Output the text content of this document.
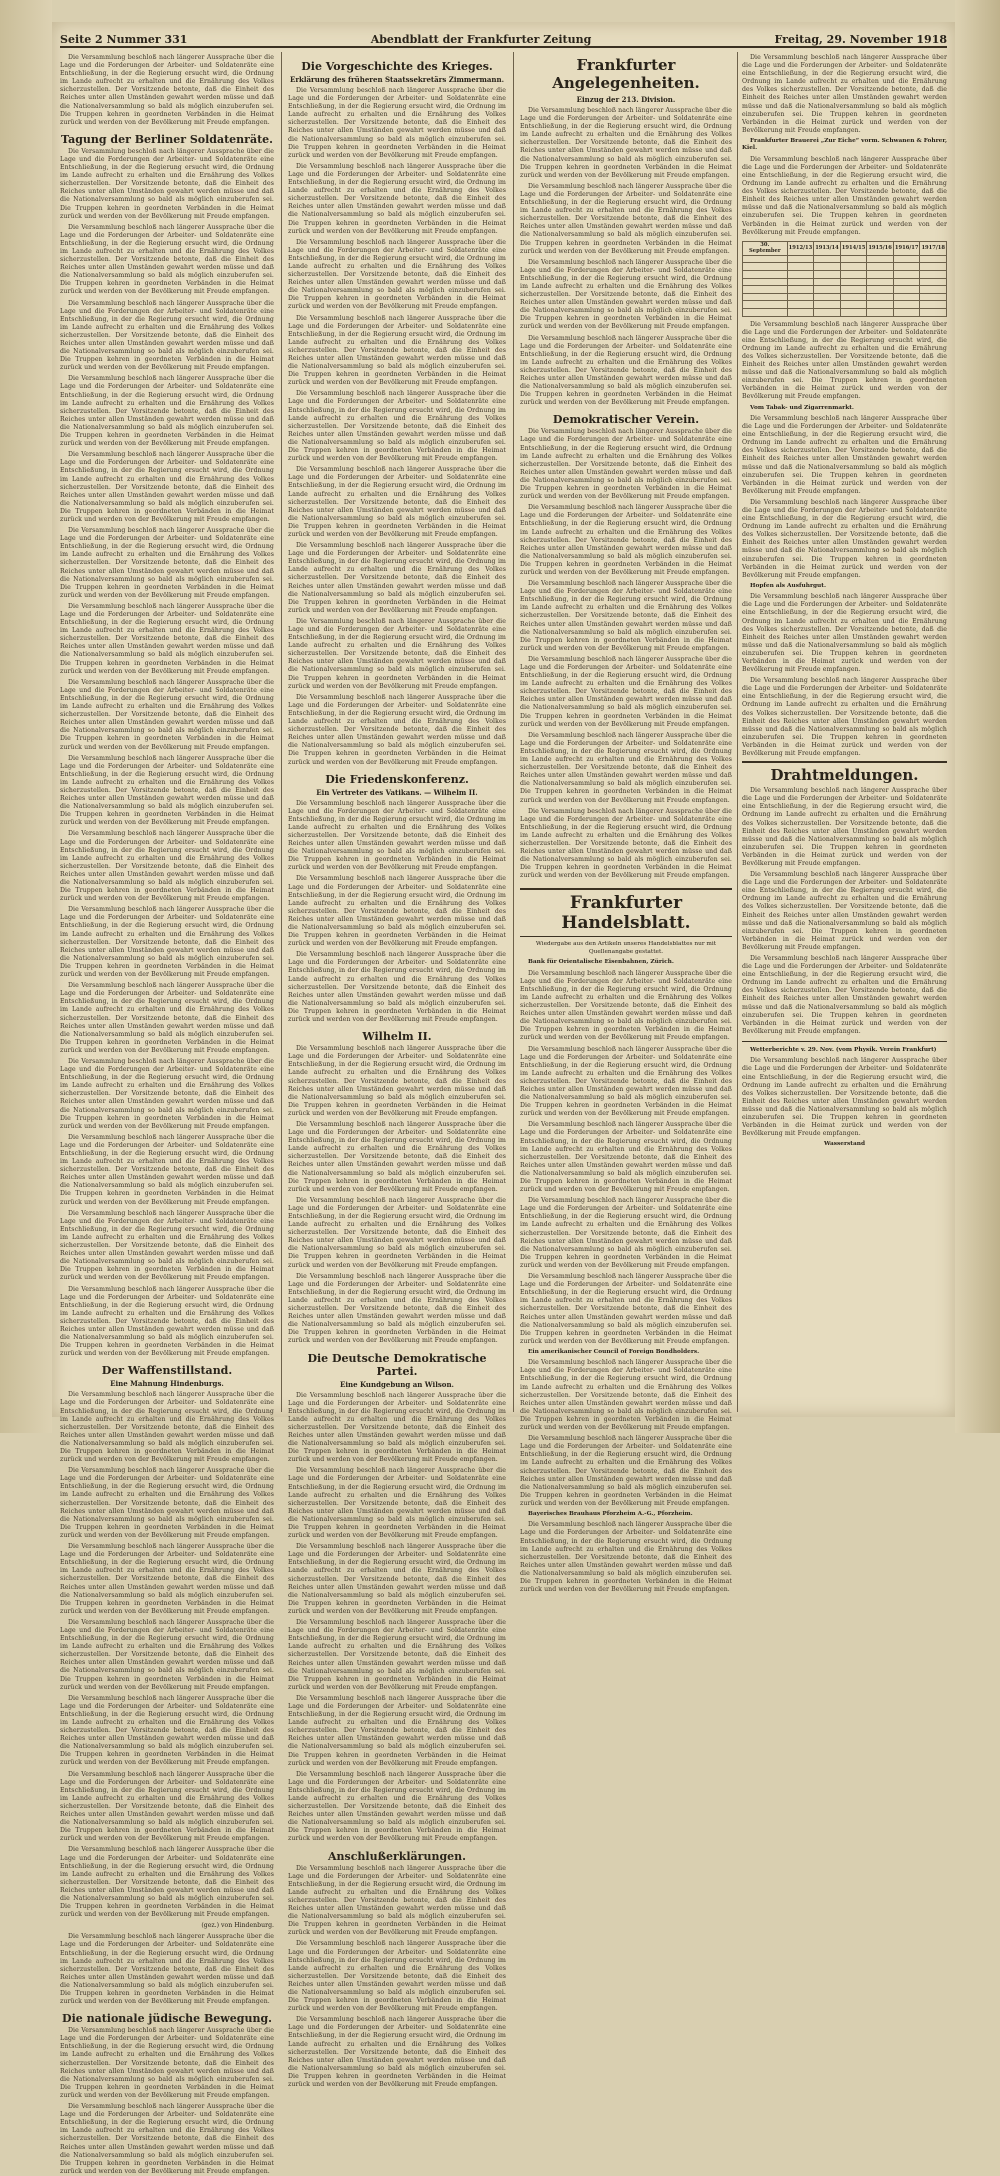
Seite 2 Nummer 331	Abendblatt der Frankfurter Zeitung	Freitag, 29. November 1918

Die Versammlung beschloß nach längerer Aussprache über die Lage und die Forderungen der Arbeiter- und Soldatenräte eine Entschließung, in der die Regierung ersucht wird, die Ordnung im Lande aufrecht zu erhalten und die Ernährung des Volkes sicherzustellen. Der Vorsitzende betonte, daß die Einheit des Reiches unter allen Umständen gewahrt werden müsse und daß die Nationalversammlung so bald als möglich einzuberufen sei. Die Truppen kehren in geordneten Verbänden in die Heimat zurück und werden von der Bevölkerung mit Freude empfangen.

Tagung der Berliner Soldatenräte.

Die Versammlung beschloß nach längerer Aussprache über die Lage und die Forderungen der Arbeiter- und Soldatenräte eine Entschließung, in der die Regierung ersucht wird, die Ordnung im Lande aufrecht zu erhalten und die Ernährung des Volkes sicherzustellen. Der Vorsitzende betonte, daß die Einheit des Reiches unter allen Umständen gewahrt werden müsse und daß die Nationalversammlung so bald als möglich einzuberufen sei. Die Truppen kehren in geordneten Verbänden in die Heimat zurück und werden von der Bevölkerung mit Freude empfangen.

Die Versammlung beschloß nach längerer Aussprache über die Lage und die Forderungen der Arbeiter- und Soldatenräte eine Entschließung, in der die Regierung ersucht wird, die Ordnung im Lande aufrecht zu erhalten und die Ernährung des Volkes sicherzustellen. Der Vorsitzende betonte, daß die Einheit des Reiches unter allen Umständen gewahrt werden müsse und daß die Nationalversammlung so bald als möglich einzuberufen sei. Die Truppen kehren in geordneten Verbänden in die Heimat zurück und werden von der Bevölkerung mit Freude empfangen.

Die Versammlung beschloß nach längerer Aussprache über die Lage und die Forderungen der Arbeiter- und Soldatenräte eine Entschließung, in der die Regierung ersucht wird, die Ordnung im Lande aufrecht zu erhalten und die Ernährung des Volkes sicherzustellen. Der Vorsitzende betonte, daß die Einheit des Reiches unter allen Umständen gewahrt werden müsse und daß die Nationalversammlung so bald als möglich einzuberufen sei. Die Truppen kehren in geordneten Verbänden in die Heimat zurück und werden von der Bevölkerung mit Freude empfangen.

Die Versammlung beschloß nach längerer Aussprache über die Lage und die Forderungen der Arbeiter- und Soldatenräte eine Entschließung, in der die Regierung ersucht wird, die Ordnung im Lande aufrecht zu erhalten und die Ernährung des Volkes sicherzustellen. Der Vorsitzende betonte, daß die Einheit des Reiches unter allen Umständen gewahrt werden müsse und daß die Nationalversammlung so bald als möglich einzuberufen sei. Die Truppen kehren in geordneten Verbänden in die Heimat zurück und werden von der Bevölkerung mit Freude empfangen.

Die Versammlung beschloß nach längerer Aussprache über die Lage und die Forderungen der Arbeiter- und Soldatenräte eine Entschließung, in der die Regierung ersucht wird, die Ordnung im Lande aufrecht zu erhalten und die Ernährung des Volkes sicherzustellen. Der Vorsitzende betonte, daß die Einheit des Reiches unter allen Umständen gewahrt werden müsse und daß die Nationalversammlung so bald als möglich einzuberufen sei. Die Truppen kehren in geordneten Verbänden in die Heimat zurück und werden von der Bevölkerung mit Freude empfangen.

Die Versammlung beschloß nach längerer Aussprache über die Lage und die Forderungen der Arbeiter- und Soldatenräte eine Entschließung, in der die Regierung ersucht wird, die Ordnung im Lande aufrecht zu erhalten und die Ernährung des Volkes sicherzustellen. Der Vorsitzende betonte, daß die Einheit des Reiches unter allen Umständen gewahrt werden müsse und daß die Nationalversammlung so bald als möglich einzuberufen sei. Die Truppen kehren in geordneten Verbänden in die Heimat zurück und werden von der Bevölkerung mit Freude empfangen.

Die Versammlung beschloß nach längerer Aussprache über die Lage und die Forderungen der Arbeiter- und Soldatenräte eine Entschließung, in der die Regierung ersucht wird, die Ordnung im Lande aufrecht zu erhalten und die Ernährung des Volkes sicherzustellen. Der Vorsitzende betonte, daß die Einheit des Reiches unter allen Umständen gewahrt werden müsse und daß die Nationalversammlung so bald als möglich einzuberufen sei. Die Truppen kehren in geordneten Verbänden in die Heimat zurück und werden von der Bevölkerung mit Freude empfangen.

Die Versammlung beschloß nach längerer Aussprache über die Lage und die Forderungen der Arbeiter- und Soldatenräte eine Entschließung, in der die Regierung ersucht wird, die Ordnung im Lande aufrecht zu erhalten und die Ernährung des Volkes sicherzustellen. Der Vorsitzende betonte, daß die Einheit des Reiches unter allen Umständen gewahrt werden müsse und daß die Nationalversammlung so bald als möglich einzuberufen sei. Die Truppen kehren in geordneten Verbänden in die Heimat zurück und werden von der Bevölkerung mit Freude empfangen.

Die Versammlung beschloß nach längerer Aussprache über die Lage und die Forderungen der Arbeiter- und Soldatenräte eine Entschließung, in der die Regierung ersucht wird, die Ordnung im Lande aufrecht zu erhalten und die Ernährung des Volkes sicherzustellen. Der Vorsitzende betonte, daß die Einheit des Reiches unter allen Umständen gewahrt werden müsse und daß die Nationalversammlung so bald als möglich einzuberufen sei. Die Truppen kehren in geordneten Verbänden in die Heimat zurück und werden von der Bevölkerung mit Freude empfangen.

Die Versammlung beschloß nach längerer Aussprache über die Lage und die Forderungen der Arbeiter- und Soldatenräte eine Entschließung, in der die Regierung ersucht wird, die Ordnung im Lande aufrecht zu erhalten und die Ernährung des Volkes sicherzustellen. Der Vorsitzende betonte, daß die Einheit des Reiches unter allen Umständen gewahrt werden müsse und daß die Nationalversammlung so bald als möglich einzuberufen sei. Die Truppen kehren in geordneten Verbänden in die Heimat zurück und werden von der Bevölkerung mit Freude empfangen.

Die Versammlung beschloß nach längerer Aussprache über die Lage und die Forderungen der Arbeiter- und Soldatenräte eine Entschließung, in der die Regierung ersucht wird, die Ordnung im Lande aufrecht zu erhalten und die Ernährung des Volkes sicherzustellen. Der Vorsitzende betonte, daß die Einheit des Reiches unter allen Umständen gewahrt werden müsse und daß die Nationalversammlung so bald als möglich einzuberufen sei. Die Truppen kehren in geordneten Verbänden in die Heimat zurück und werden von der Bevölkerung mit Freude empfangen.

Die Versammlung beschloß nach längerer Aussprache über die Lage und die Forderungen der Arbeiter- und Soldatenräte eine Entschließung, in der die Regierung ersucht wird, die Ordnung im Lande aufrecht zu erhalten und die Ernährung des Volkes sicherzustellen. Der Vorsitzende betonte, daß die Einheit des Reiches unter allen Umständen gewahrt werden müsse und daß die Nationalversammlung so bald als möglich einzuberufen sei. Die Truppen kehren in geordneten Verbänden in die Heimat zurück und werden von der Bevölkerung mit Freude empfangen.

Die Versammlung beschloß nach längerer Aussprache über die Lage und die Forderungen der Arbeiter- und Soldatenräte eine Entschließung, in der die Regierung ersucht wird, die Ordnung im Lande aufrecht zu erhalten und die Ernährung des Volkes sicherzustellen. Der Vorsitzende betonte, daß die Einheit des Reiches unter allen Umständen gewahrt werden müsse und daß die Nationalversammlung so bald als möglich einzuberufen sei. Die Truppen kehren in geordneten Verbänden in die Heimat zurück und werden von der Bevölkerung mit Freude empfangen.

Die Versammlung beschloß nach längerer Aussprache über die Lage und die Forderungen der Arbeiter- und Soldatenräte eine Entschließung, in der die Regierung ersucht wird, die Ordnung im Lande aufrecht zu erhalten und die Ernährung des Volkes sicherzustellen. Der Vorsitzende betonte, daß die Einheit des Reiches unter allen Umständen gewahrt werden müsse und daß die Nationalversammlung so bald als möglich einzuberufen sei. Die Truppen kehren in geordneten Verbänden in die Heimat zurück und werden von der Bevölkerung mit Freude empfangen.

Die Versammlung beschloß nach längerer Aussprache über die Lage und die Forderungen der Arbeiter- und Soldatenräte eine Entschließung, in der die Regierung ersucht wird, die Ordnung im Lande aufrecht zu erhalten und die Ernährung des Volkes sicherzustellen. Der Vorsitzende betonte, daß die Einheit des Reiches unter allen Umständen gewahrt werden müsse und daß die Nationalversammlung so bald als möglich einzuberufen sei. Die Truppen kehren in geordneten Verbänden in die Heimat zurück und werden von der Bevölkerung mit Freude empfangen.

Die Versammlung beschloß nach längerer Aussprache über die Lage und die Forderungen der Arbeiter- und Soldatenräte eine Entschließung, in der die Regierung ersucht wird, die Ordnung im Lande aufrecht zu erhalten und die Ernährung des Volkes sicherzustellen. Der Vorsitzende betonte, daß die Einheit des Reiches unter allen Umständen gewahrt werden müsse und daß die Nationalversammlung so bald als möglich einzuberufen sei. Die Truppen kehren in geordneten Verbänden in die Heimat zurück und werden von der Bevölkerung mit Freude empfangen.

Der Waffenstillstand.
Eine Mahnung Hindenburgs.

Die Versammlung beschloß nach längerer Aussprache über die Lage und die Forderungen der Arbeiter- und Soldatenräte eine Entschließung, in der die Regierung ersucht wird, die Ordnung im Lande aufrecht zu erhalten und die Ernährung des Volkes sicherzustellen. Der Vorsitzende betonte, daß die Einheit des Reiches unter allen Umständen gewahrt werden müsse und daß die Nationalversammlung so bald als möglich einzuberufen sei. Die Truppen kehren in geordneten Verbänden in die Heimat zurück und werden von der Bevölkerung mit Freude empfangen.

Die Versammlung beschloß nach längerer Aussprache über die Lage und die Forderungen der Arbeiter- und Soldatenräte eine Entschließung, in der die Regierung ersucht wird, die Ordnung im Lande aufrecht zu erhalten und die Ernährung des Volkes sicherzustellen. Der Vorsitzende betonte, daß die Einheit des Reiches unter allen Umständen gewahrt werden müsse und daß die Nationalversammlung so bald als möglich einzuberufen sei. Die Truppen kehren in geordneten Verbänden in die Heimat zurück und werden von der Bevölkerung mit Freude empfangen.

Die Versammlung beschloß nach längerer Aussprache über die Lage und die Forderungen der Arbeiter- und Soldatenräte eine Entschließung, in der die Regierung ersucht wird, die Ordnung im Lande aufrecht zu erhalten und die Ernährung des Volkes sicherzustellen. Der Vorsitzende betonte, daß die Einheit des Reiches unter allen Umständen gewahrt werden müsse und daß die Nationalversammlung so bald als möglich einzuberufen sei. Die Truppen kehren in geordneten Verbänden in die Heimat zurück und werden von der Bevölkerung mit Freude empfangen.

Die Versammlung beschloß nach längerer Aussprache über die Lage und die Forderungen der Arbeiter- und Soldatenräte eine Entschließung, in der die Regierung ersucht wird, die Ordnung im Lande aufrecht zu erhalten und die Ernährung des Volkes sicherzustellen. Der Vorsitzende betonte, daß die Einheit des Reiches unter allen Umständen gewahrt werden müsse und daß die Nationalversammlung so bald als möglich einzuberufen sei. Die Truppen kehren in geordneten Verbänden in die Heimat zurück und werden von der Bevölkerung mit Freude empfangen.

Die Versammlung beschloß nach längerer Aussprache über die Lage und die Forderungen der Arbeiter- und Soldatenräte eine Entschließung, in der die Regierung ersucht wird, die Ordnung im Lande aufrecht zu erhalten und die Ernährung des Volkes sicherzustellen. Der Vorsitzende betonte, daß die Einheit des Reiches unter allen Umständen gewahrt werden müsse und daß die Nationalversammlung so bald als möglich einzuberufen sei. Die Truppen kehren in geordneten Verbänden in die Heimat zurück und werden von der Bevölkerung mit Freude empfangen.

Die Versammlung beschloß nach längerer Aussprache über die Lage und die Forderungen der Arbeiter- und Soldatenräte eine Entschließung, in der die Regierung ersucht wird, die Ordnung im Lande aufrecht zu erhalten und die Ernährung des Volkes sicherzustellen. Der Vorsitzende betonte, daß die Einheit des Reiches unter allen Umständen gewahrt werden müsse und daß die Nationalversammlung so bald als möglich einzuberufen sei. Die Truppen kehren in geordneten Verbänden in die Heimat zurück und werden von der Bevölkerung mit Freude empfangen.

Die Versammlung beschloß nach längerer Aussprache über die Lage und die Forderungen der Arbeiter- und Soldatenräte eine Entschließung, in der die Regierung ersucht wird, die Ordnung im Lande aufrecht zu erhalten und die Ernährung des Volkes sicherzustellen. Der Vorsitzende betonte, daß die Einheit des Reiches unter allen Umständen gewahrt werden müsse und daß die Nationalversammlung so bald als möglich einzuberufen sei. Die Truppen kehren in geordneten Verbänden in die Heimat zurück und werden von der Bevölkerung mit Freude empfangen.

(gez.) von Hindenburg.

Die Versammlung beschloß nach längerer Aussprache über die Lage und die Forderungen der Arbeiter- und Soldatenräte eine Entschließung, in der die Regierung ersucht wird, die Ordnung im Lande aufrecht zu erhalten und die Ernährung des Volkes sicherzustellen. Der Vorsitzende betonte, daß die Einheit des Reiches unter allen Umständen gewahrt werden müsse und daß die Nationalversammlung so bald als möglich einzuberufen sei. Die Truppen kehren in geordneten Verbänden in die Heimat zurück und werden von der Bevölkerung mit Freude empfangen.

Die nationale jüdische Bewegung.

Die Versammlung beschloß nach längerer Aussprache über die Lage und die Forderungen der Arbeiter- und Soldatenräte eine Entschließung, in der die Regierung ersucht wird, die Ordnung im Lande aufrecht zu erhalten und die Ernährung des Volkes sicherzustellen. Der Vorsitzende betonte, daß die Einheit des Reiches unter allen Umständen gewahrt werden müsse und daß die Nationalversammlung so bald als möglich einzuberufen sei. Die Truppen kehren in geordneten Verbänden in die Heimat zurück und werden von der Bevölkerung mit Freude empfangen.

Die Versammlung beschloß nach längerer Aussprache über die Lage und die Forderungen der Arbeiter- und Soldatenräte eine Entschließung, in der die Regierung ersucht wird, die Ordnung im Lande aufrecht zu erhalten und die Ernährung des Volkes sicherzustellen. Der Vorsitzende betonte, daß die Einheit des Reiches unter allen Umständen gewahrt werden müsse und daß die Nationalversammlung so bald als möglich einzuberufen sei. Die Truppen kehren in geordneten Verbänden in die Heimat zurück und werden von der Bevölkerung mit Freude empfangen.

Die Vorgeschichte des Krieges.
Erklärung des früheren Staatssekretärs Zimmermann.

Die Versammlung beschloß nach längerer Aussprache über die Lage und die Forderungen der Arbeiter- und Soldatenräte eine Entschließung, in der die Regierung ersucht wird, die Ordnung im Lande aufrecht zu erhalten und die Ernährung des Volkes sicherzustellen. Der Vorsitzende betonte, daß die Einheit des Reiches unter allen Umständen gewahrt werden müsse und daß die Nationalversammlung so bald als möglich einzuberufen sei. Die Truppen kehren in geordneten Verbänden in die Heimat zurück und werden von der Bevölkerung mit Freude empfangen.

Die Versammlung beschloß nach längerer Aussprache über die Lage und die Forderungen der Arbeiter- und Soldatenräte eine Entschließung, in der die Regierung ersucht wird, die Ordnung im Lande aufrecht zu erhalten und die Ernährung des Volkes sicherzustellen. Der Vorsitzende betonte, daß die Einheit des Reiches unter allen Umständen gewahrt werden müsse und daß die Nationalversammlung so bald als möglich einzuberufen sei. Die Truppen kehren in geordneten Verbänden in die Heimat zurück und werden von der Bevölkerung mit Freude empfangen.

Die Versammlung beschloß nach längerer Aussprache über die Lage und die Forderungen der Arbeiter- und Soldatenräte eine Entschließung, in der die Regierung ersucht wird, die Ordnung im Lande aufrecht zu erhalten und die Ernährung des Volkes sicherzustellen. Der Vorsitzende betonte, daß die Einheit des Reiches unter allen Umständen gewahrt werden müsse und daß die Nationalversammlung so bald als möglich einzuberufen sei. Die Truppen kehren in geordneten Verbänden in die Heimat zurück und werden von der Bevölkerung mit Freude empfangen.

Die Versammlung beschloß nach längerer Aussprache über die Lage und die Forderungen der Arbeiter- und Soldatenräte eine Entschließung, in der die Regierung ersucht wird, die Ordnung im Lande aufrecht zu erhalten und die Ernährung des Volkes sicherzustellen. Der Vorsitzende betonte, daß die Einheit des Reiches unter allen Umständen gewahrt werden müsse und daß die Nationalversammlung so bald als möglich einzuberufen sei. Die Truppen kehren in geordneten Verbänden in die Heimat zurück und werden von der Bevölkerung mit Freude empfangen.

Die Versammlung beschloß nach längerer Aussprache über die Lage und die Forderungen der Arbeiter- und Soldatenräte eine Entschließung, in der die Regierung ersucht wird, die Ordnung im Lande aufrecht zu erhalten und die Ernährung des Volkes sicherzustellen. Der Vorsitzende betonte, daß die Einheit des Reiches unter allen Umständen gewahrt werden müsse und daß die Nationalversammlung so bald als möglich einzuberufen sei. Die Truppen kehren in geordneten Verbänden in die Heimat zurück und werden von der Bevölkerung mit Freude empfangen.

Die Versammlung beschloß nach längerer Aussprache über die Lage und die Forderungen der Arbeiter- und Soldatenräte eine Entschließung, in der die Regierung ersucht wird, die Ordnung im Lande aufrecht zu erhalten und die Ernährung des Volkes sicherzustellen. Der Vorsitzende betonte, daß die Einheit des Reiches unter allen Umständen gewahrt werden müsse und daß die Nationalversammlung so bald als möglich einzuberufen sei. Die Truppen kehren in geordneten Verbänden in die Heimat zurück und werden von der Bevölkerung mit Freude empfangen.

Die Versammlung beschloß nach längerer Aussprache über die Lage und die Forderungen der Arbeiter- und Soldatenräte eine Entschließung, in der die Regierung ersucht wird, die Ordnung im Lande aufrecht zu erhalten und die Ernährung des Volkes sicherzustellen. Der Vorsitzende betonte, daß die Einheit des Reiches unter allen Umständen gewahrt werden müsse und daß die Nationalversammlung so bald als möglich einzuberufen sei. Die Truppen kehren in geordneten Verbänden in die Heimat zurück und werden von der Bevölkerung mit Freude empfangen.

Die Versammlung beschloß nach längerer Aussprache über die Lage und die Forderungen der Arbeiter- und Soldatenräte eine Entschließung, in der die Regierung ersucht wird, die Ordnung im Lande aufrecht zu erhalten und die Ernährung des Volkes sicherzustellen. Der Vorsitzende betonte, daß die Einheit des Reiches unter allen Umständen gewahrt werden müsse und daß die Nationalversammlung so bald als möglich einzuberufen sei. Die Truppen kehren in geordneten Verbänden in die Heimat zurück und werden von der Bevölkerung mit Freude empfangen.

Die Versammlung beschloß nach längerer Aussprache über die Lage und die Forderungen der Arbeiter- und Soldatenräte eine Entschließung, in der die Regierung ersucht wird, die Ordnung im Lande aufrecht zu erhalten und die Ernährung des Volkes sicherzustellen. Der Vorsitzende betonte, daß die Einheit des Reiches unter allen Umständen gewahrt werden müsse und daß die Nationalversammlung so bald als möglich einzuberufen sei. Die Truppen kehren in geordneten Verbänden in die Heimat zurück und werden von der Bevölkerung mit Freude empfangen.

Die Friedenskonferenz.
Ein Vertreter des Vatikans. — Wilhelm II.

Die Versammlung beschloß nach längerer Aussprache über die Lage und die Forderungen der Arbeiter- und Soldatenräte eine Entschließung, in der die Regierung ersucht wird, die Ordnung im Lande aufrecht zu erhalten und die Ernährung des Volkes sicherzustellen. Der Vorsitzende betonte, daß die Einheit des Reiches unter allen Umständen gewahrt werden müsse und daß die Nationalversammlung so bald als möglich einzuberufen sei. Die Truppen kehren in geordneten Verbänden in die Heimat zurück und werden von der Bevölkerung mit Freude empfangen.

Die Versammlung beschloß nach längerer Aussprache über die Lage und die Forderungen der Arbeiter- und Soldatenräte eine Entschließung, in der die Regierung ersucht wird, die Ordnung im Lande aufrecht zu erhalten und die Ernährung des Volkes sicherzustellen. Der Vorsitzende betonte, daß die Einheit des Reiches unter allen Umständen gewahrt werden müsse und daß die Nationalversammlung so bald als möglich einzuberufen sei. Die Truppen kehren in geordneten Verbänden in die Heimat zurück und werden von der Bevölkerung mit Freude empfangen.

Die Versammlung beschloß nach längerer Aussprache über die Lage und die Forderungen der Arbeiter- und Soldatenräte eine Entschließung, in der die Regierung ersucht wird, die Ordnung im Lande aufrecht zu erhalten und die Ernährung des Volkes sicherzustellen. Der Vorsitzende betonte, daß die Einheit des Reiches unter allen Umständen gewahrt werden müsse und daß die Nationalversammlung so bald als möglich einzuberufen sei. Die Truppen kehren in geordneten Verbänden in die Heimat zurück und werden von der Bevölkerung mit Freude empfangen.

Wilhelm II.

Die Versammlung beschloß nach längerer Aussprache über die Lage und die Forderungen der Arbeiter- und Soldatenräte eine Entschließung, in der die Regierung ersucht wird, die Ordnung im Lande aufrecht zu erhalten und die Ernährung des Volkes sicherzustellen. Der Vorsitzende betonte, daß die Einheit des Reiches unter allen Umständen gewahrt werden müsse und daß die Nationalversammlung so bald als möglich einzuberufen sei. Die Truppen kehren in geordneten Verbänden in die Heimat zurück und werden von der Bevölkerung mit Freude empfangen.

Die Versammlung beschloß nach längerer Aussprache über die Lage und die Forderungen der Arbeiter- und Soldatenräte eine Entschließung, in der die Regierung ersucht wird, die Ordnung im Lande aufrecht zu erhalten und die Ernährung des Volkes sicherzustellen. Der Vorsitzende betonte, daß die Einheit des Reiches unter allen Umständen gewahrt werden müsse und daß die Nationalversammlung so bald als möglich einzuberufen sei. Die Truppen kehren in geordneten Verbänden in die Heimat zurück und werden von der Bevölkerung mit Freude empfangen.

Die Versammlung beschloß nach längerer Aussprache über die Lage und die Forderungen der Arbeiter- und Soldatenräte eine Entschließung, in der die Regierung ersucht wird, die Ordnung im Lande aufrecht zu erhalten und die Ernährung des Volkes sicherzustellen. Der Vorsitzende betonte, daß die Einheit des Reiches unter allen Umständen gewahrt werden müsse und daß die Nationalversammlung so bald als möglich einzuberufen sei. Die Truppen kehren in geordneten Verbänden in die Heimat zurück und werden von der Bevölkerung mit Freude empfangen.

Die Versammlung beschloß nach längerer Aussprache über die Lage und die Forderungen der Arbeiter- und Soldatenräte eine Entschließung, in der die Regierung ersucht wird, die Ordnung im Lande aufrecht zu erhalten und die Ernährung des Volkes sicherzustellen. Der Vorsitzende betonte, daß die Einheit des Reiches unter allen Umständen gewahrt werden müsse und daß die Nationalversammlung so bald als möglich einzuberufen sei. Die Truppen kehren in geordneten Verbänden in die Heimat zurück und werden von der Bevölkerung mit Freude empfangen.

Die Deutsche Demokratische Partei.
Eine Kundgebung an Wilson.

Die Versammlung beschloß nach längerer Aussprache über die Lage und die Forderungen der Arbeiter- und Soldatenräte eine Entschließung, in der die Regierung ersucht wird, die Ordnung im Lande aufrecht zu erhalten und die Ernährung des Volkes sicherzustellen. Der Vorsitzende betonte, daß die Einheit des Reiches unter allen Umständen gewahrt werden müsse und daß die Nationalversammlung so bald als möglich einzuberufen sei. Die Truppen kehren in geordneten Verbänden in die Heimat zurück und werden von der Bevölkerung mit Freude empfangen.

Die Versammlung beschloß nach längerer Aussprache über die Lage und die Forderungen der Arbeiter- und Soldatenräte eine Entschließung, in der die Regierung ersucht wird, die Ordnung im Lande aufrecht zu erhalten und die Ernährung des Volkes sicherzustellen. Der Vorsitzende betonte, daß die Einheit des Reiches unter allen Umständen gewahrt werden müsse und daß die Nationalversammlung so bald als möglich einzuberufen sei. Die Truppen kehren in geordneten Verbänden in die Heimat zurück und werden von der Bevölkerung mit Freude empfangen.

Die Versammlung beschloß nach längerer Aussprache über die Lage und die Forderungen der Arbeiter- und Soldatenräte eine Entschließung, in der die Regierung ersucht wird, die Ordnung im Lande aufrecht zu erhalten und die Ernährung des Volkes sicherzustellen. Der Vorsitzende betonte, daß die Einheit des Reiches unter allen Umständen gewahrt werden müsse und daß die Nationalversammlung so bald als möglich einzuberufen sei. Die Truppen kehren in geordneten Verbänden in die Heimat zurück und werden von der Bevölkerung mit Freude empfangen.

Die Versammlung beschloß nach längerer Aussprache über die Lage und die Forderungen der Arbeiter- und Soldatenräte eine Entschließung, in der die Regierung ersucht wird, die Ordnung im Lande aufrecht zu erhalten und die Ernährung des Volkes sicherzustellen. Der Vorsitzende betonte, daß die Einheit des Reiches unter allen Umständen gewahrt werden müsse und daß die Nationalversammlung so bald als möglich einzuberufen sei. Die Truppen kehren in geordneten Verbänden in die Heimat zurück und werden von der Bevölkerung mit Freude empfangen.

Die Versammlung beschloß nach längerer Aussprache über die Lage und die Forderungen der Arbeiter- und Soldatenräte eine Entschließung, in der die Regierung ersucht wird, die Ordnung im Lande aufrecht zu erhalten und die Ernährung des Volkes sicherzustellen. Der Vorsitzende betonte, daß die Einheit des Reiches unter allen Umständen gewahrt werden müsse und daß die Nationalversammlung so bald als möglich einzuberufen sei. Die Truppen kehren in geordneten Verbänden in die Heimat zurück und werden von der Bevölkerung mit Freude empfangen.

Die Versammlung beschloß nach längerer Aussprache über die Lage und die Forderungen der Arbeiter- und Soldatenräte eine Entschließung, in der die Regierung ersucht wird, die Ordnung im Lande aufrecht zu erhalten und die Ernährung des Volkes sicherzustellen. Der Vorsitzende betonte, daß die Einheit des Reiches unter allen Umständen gewahrt werden müsse und daß die Nationalversammlung so bald als möglich einzuberufen sei. Die Truppen kehren in geordneten Verbänden in die Heimat zurück und werden von der Bevölkerung mit Freude empfangen.

Anschlußerklärungen.

Die Versammlung beschloß nach längerer Aussprache über die Lage und die Forderungen der Arbeiter- und Soldatenräte eine Entschließung, in der die Regierung ersucht wird, die Ordnung im Lande aufrecht zu erhalten und die Ernährung des Volkes sicherzustellen. Der Vorsitzende betonte, daß die Einheit des Reiches unter allen Umständen gewahrt werden müsse und daß die Nationalversammlung so bald als möglich einzuberufen sei. Die Truppen kehren in geordneten Verbänden in die Heimat zurück und werden von der Bevölkerung mit Freude empfangen.

Die Versammlung beschloß nach längerer Aussprache über die Lage und die Forderungen der Arbeiter- und Soldatenräte eine Entschließung, in der die Regierung ersucht wird, die Ordnung im Lande aufrecht zu erhalten und die Ernährung des Volkes sicherzustellen. Der Vorsitzende betonte, daß die Einheit des Reiches unter allen Umständen gewahrt werden müsse und daß die Nationalversammlung so bald als möglich einzuberufen sei. Die Truppen kehren in geordneten Verbänden in die Heimat zurück und werden von der Bevölkerung mit Freude empfangen.

Die Versammlung beschloß nach längerer Aussprache über die Lage und die Forderungen der Arbeiter- und Soldatenräte eine Entschließung, in der die Regierung ersucht wird, die Ordnung im Lande aufrecht zu erhalten und die Ernährung des Volkes sicherzustellen. Der Vorsitzende betonte, daß die Einheit des Reiches unter allen Umständen gewahrt werden müsse und daß die Nationalversammlung so bald als möglich einzuberufen sei. Die Truppen kehren in geordneten Verbänden in die Heimat zurück und werden von der Bevölkerung mit Freude empfangen.

Frankfurter Angelegenheiten.
Einzug der 213. Division.

Die Versammlung beschloß nach längerer Aussprache über die Lage und die Forderungen der Arbeiter- und Soldatenräte eine Entschließung, in der die Regierung ersucht wird, die Ordnung im Lande aufrecht zu erhalten und die Ernährung des Volkes sicherzustellen. Der Vorsitzende betonte, daß die Einheit des Reiches unter allen Umständen gewahrt werden müsse und daß die Nationalversammlung so bald als möglich einzuberufen sei. Die Truppen kehren in geordneten Verbänden in die Heimat zurück und werden von der Bevölkerung mit Freude empfangen.

Die Versammlung beschloß nach längerer Aussprache über die Lage und die Forderungen der Arbeiter- und Soldatenräte eine Entschließung, in der die Regierung ersucht wird, die Ordnung im Lande aufrecht zu erhalten und die Ernährung des Volkes sicherzustellen. Der Vorsitzende betonte, daß die Einheit des Reiches unter allen Umständen gewahrt werden müsse und daß die Nationalversammlung so bald als möglich einzuberufen sei. Die Truppen kehren in geordneten Verbänden in die Heimat zurück und werden von der Bevölkerung mit Freude empfangen.

Die Versammlung beschloß nach längerer Aussprache über die Lage und die Forderungen der Arbeiter- und Soldatenräte eine Entschließung, in der die Regierung ersucht wird, die Ordnung im Lande aufrecht zu erhalten und die Ernährung des Volkes sicherzustellen. Der Vorsitzende betonte, daß die Einheit des Reiches unter allen Umständen gewahrt werden müsse und daß die Nationalversammlung so bald als möglich einzuberufen sei. Die Truppen kehren in geordneten Verbänden in die Heimat zurück und werden von der Bevölkerung mit Freude empfangen.

Die Versammlung beschloß nach längerer Aussprache über die Lage und die Forderungen der Arbeiter- und Soldatenräte eine Entschließung, in der die Regierung ersucht wird, die Ordnung im Lande aufrecht zu erhalten und die Ernährung des Volkes sicherzustellen. Der Vorsitzende betonte, daß die Einheit des Reiches unter allen Umständen gewahrt werden müsse und daß die Nationalversammlung so bald als möglich einzuberufen sei. Die Truppen kehren in geordneten Verbänden in die Heimat zurück und werden von der Bevölkerung mit Freude empfangen.

Demokratischer Verein.

Die Versammlung beschloß nach längerer Aussprache über die Lage und die Forderungen der Arbeiter- und Soldatenräte eine Entschließung, in der die Regierung ersucht wird, die Ordnung im Lande aufrecht zu erhalten und die Ernährung des Volkes sicherzustellen. Der Vorsitzende betonte, daß die Einheit des Reiches unter allen Umständen gewahrt werden müsse und daß die Nationalversammlung so bald als möglich einzuberufen sei. Die Truppen kehren in geordneten Verbänden in die Heimat zurück und werden von der Bevölkerung mit Freude empfangen.

Die Versammlung beschloß nach längerer Aussprache über die Lage und die Forderungen der Arbeiter- und Soldatenräte eine Entschließung, in der die Regierung ersucht wird, die Ordnung im Lande aufrecht zu erhalten und die Ernährung des Volkes sicherzustellen. Der Vorsitzende betonte, daß die Einheit des Reiches unter allen Umständen gewahrt werden müsse und daß die Nationalversammlung so bald als möglich einzuberufen sei. Die Truppen kehren in geordneten Verbänden in die Heimat zurück und werden von der Bevölkerung mit Freude empfangen.

Die Versammlung beschloß nach längerer Aussprache über die Lage und die Forderungen der Arbeiter- und Soldatenräte eine Entschließung, in der die Regierung ersucht wird, die Ordnung im Lande aufrecht zu erhalten und die Ernährung des Volkes sicherzustellen. Der Vorsitzende betonte, daß die Einheit des Reiches unter allen Umständen gewahrt werden müsse und daß die Nationalversammlung so bald als möglich einzuberufen sei. Die Truppen kehren in geordneten Verbänden in die Heimat zurück und werden von der Bevölkerung mit Freude empfangen.

Die Versammlung beschloß nach längerer Aussprache über die Lage und die Forderungen der Arbeiter- und Soldatenräte eine Entschließung, in der die Regierung ersucht wird, die Ordnung im Lande aufrecht zu erhalten und die Ernährung des Volkes sicherzustellen. Der Vorsitzende betonte, daß die Einheit des Reiches unter allen Umständen gewahrt werden müsse und daß die Nationalversammlung so bald als möglich einzuberufen sei. Die Truppen kehren in geordneten Verbänden in die Heimat zurück und werden von der Bevölkerung mit Freude empfangen.

Die Versammlung beschloß nach längerer Aussprache über die Lage und die Forderungen der Arbeiter- und Soldatenräte eine Entschließung, in der die Regierung ersucht wird, die Ordnung im Lande aufrecht zu erhalten und die Ernährung des Volkes sicherzustellen. Der Vorsitzende betonte, daß die Einheit des Reiches unter allen Umständen gewahrt werden müsse und daß die Nationalversammlung so bald als möglich einzuberufen sei. Die Truppen kehren in geordneten Verbänden in die Heimat zurück und werden von der Bevölkerung mit Freude empfangen.

Die Versammlung beschloß nach längerer Aussprache über die Lage und die Forderungen der Arbeiter- und Soldatenräte eine Entschließung, in der die Regierung ersucht wird, die Ordnung im Lande aufrecht zu erhalten und die Ernährung des Volkes sicherzustellen. Der Vorsitzende betonte, daß die Einheit des Reiches unter allen Umständen gewahrt werden müsse und daß die Nationalversammlung so bald als möglich einzuberufen sei. Die Truppen kehren in geordneten Verbänden in die Heimat zurück und werden von der Bevölkerung mit Freude empfangen.

Frankfurter Handelsblatt.

Wiedergabe aus den Artikeln unseres Handelsblattes nur mit Quellenangabe gestattet.

Bank für Orientalische Eisenbahnen, Zürich.

Die Versammlung beschloß nach längerer Aussprache über die Lage und die Forderungen der Arbeiter- und Soldatenräte eine Entschließung, in der die Regierung ersucht wird, die Ordnung im Lande aufrecht zu erhalten und die Ernährung des Volkes sicherzustellen. Der Vorsitzende betonte, daß die Einheit des Reiches unter allen Umständen gewahrt werden müsse und daß die Nationalversammlung so bald als möglich einzuberufen sei. Die Truppen kehren in geordneten Verbänden in die Heimat zurück und werden von der Bevölkerung mit Freude empfangen.

Die Versammlung beschloß nach längerer Aussprache über die Lage und die Forderungen der Arbeiter- und Soldatenräte eine Entschließung, in der die Regierung ersucht wird, die Ordnung im Lande aufrecht zu erhalten und die Ernährung des Volkes sicherzustellen. Der Vorsitzende betonte, daß die Einheit des Reiches unter allen Umständen gewahrt werden müsse und daß die Nationalversammlung so bald als möglich einzuberufen sei. Die Truppen kehren in geordneten Verbänden in die Heimat zurück und werden von der Bevölkerung mit Freude empfangen.

Die Versammlung beschloß nach längerer Aussprache über die Lage und die Forderungen der Arbeiter- und Soldatenräte eine Entschließung, in der die Regierung ersucht wird, die Ordnung im Lande aufrecht zu erhalten und die Ernährung des Volkes sicherzustellen. Der Vorsitzende betonte, daß die Einheit des Reiches unter allen Umständen gewahrt werden müsse und daß die Nationalversammlung so bald als möglich einzuberufen sei. Die Truppen kehren in geordneten Verbänden in die Heimat zurück und werden von der Bevölkerung mit Freude empfangen.

Die Versammlung beschloß nach längerer Aussprache über die Lage und die Forderungen der Arbeiter- und Soldatenräte eine Entschließung, in der die Regierung ersucht wird, die Ordnung im Lande aufrecht zu erhalten und die Ernährung des Volkes sicherzustellen. Der Vorsitzende betonte, daß die Einheit des Reiches unter allen Umständen gewahrt werden müsse und daß die Nationalversammlung so bald als möglich einzuberufen sei. Die Truppen kehren in geordneten Verbänden in die Heimat zurück und werden von der Bevölkerung mit Freude empfangen.

Die Versammlung beschloß nach längerer Aussprache über die Lage und die Forderungen der Arbeiter- und Soldatenräte eine Entschließung, in der die Regierung ersucht wird, die Ordnung im Lande aufrecht zu erhalten und die Ernährung des Volkes sicherzustellen. Der Vorsitzende betonte, daß die Einheit des Reiches unter allen Umständen gewahrt werden müsse und daß die Nationalversammlung so bald als möglich einzuberufen sei. Die Truppen kehren in geordneten Verbänden in die Heimat zurück und werden von der Bevölkerung mit Freude empfangen.

Ein amerikanischer Council of Foreign Bondholders.

Die Versammlung beschloß nach längerer Aussprache über die Lage und die Forderungen der Arbeiter- und Soldatenräte eine Entschließung, in der die Regierung ersucht wird, die Ordnung im Lande aufrecht zu erhalten und die Ernährung des Volkes sicherzustellen. Der Vorsitzende betonte, daß die Einheit des Reiches unter allen Umständen gewahrt werden müsse und daß die Nationalversammlung so bald als möglich einzuberufen sei. Die Truppen kehren in geordneten Verbänden in die Heimat zurück und werden von der Bevölkerung mit Freude empfangen.

Die Versammlung beschloß nach längerer Aussprache über die Lage und die Forderungen der Arbeiter- und Soldatenräte eine Entschließung, in der die Regierung ersucht wird, die Ordnung im Lande aufrecht zu erhalten und die Ernährung des Volkes sicherzustellen. Der Vorsitzende betonte, daß die Einheit des Reiches unter allen Umständen gewahrt werden müsse und daß die Nationalversammlung so bald als möglich einzuberufen sei. Die Truppen kehren in geordneten Verbänden in die Heimat zurück und werden von der Bevölkerung mit Freude empfangen.

Bayerisches Brauhaus Pforzheim A.-G., Pforzheim.

Die Versammlung beschloß nach längerer Aussprache über die Lage und die Forderungen der Arbeiter- und Soldatenräte eine Entschließung, in der die Regierung ersucht wird, die Ordnung im Lande aufrecht zu erhalten und die Ernährung des Volkes sicherzustellen. Der Vorsitzende betonte, daß die Einheit des Reiches unter allen Umständen gewahrt werden müsse und daß die Nationalversammlung so bald als möglich einzuberufen sei. Die Truppen kehren in geordneten Verbänden in die Heimat zurück und werden von der Bevölkerung mit Freude empfangen.

Die Versammlung beschloß nach längerer Aussprache über die Lage und die Forderungen der Arbeiter- und Soldatenräte eine Entschließung, in der die Regierung ersucht wird, die Ordnung im Lande aufrecht zu erhalten und die Ernährung des Volkes sicherzustellen. Der Vorsitzende betonte, daß die Einheit des Reiches unter allen Umständen gewahrt werden müsse und daß die Nationalversammlung so bald als möglich einzuberufen sei. Die Truppen kehren in geordneten Verbänden in die Heimat zurück und werden von der Bevölkerung mit Freude empfangen.

Frankfurter Brauerei „Zur Eiche“ vorm. Schwanen & Fohrer, Kiel.

Die Versammlung beschloß nach längerer Aussprache über die Lage und die Forderungen der Arbeiter- und Soldatenräte eine Entschließung, in der die Regierung ersucht wird, die Ordnung im Lande aufrecht zu erhalten und die Ernährung des Volkes sicherzustellen. Der Vorsitzende betonte, daß die Einheit des Reiches unter allen Umständen gewahrt werden müsse und daß die Nationalversammlung so bald als möglich einzuberufen sei. Die Truppen kehren in geordneten Verbänden in die Heimat zurück und werden von der Bevölkerung mit Freude empfangen.

30. September	1912/13	1913/14	1914/15	1915/16	1916/17	1917/18

Die Versammlung beschloß nach längerer Aussprache über die Lage und die Forderungen der Arbeiter- und Soldatenräte eine Entschließung, in der die Regierung ersucht wird, die Ordnung im Lande aufrecht zu erhalten und die Ernährung des Volkes sicherzustellen. Der Vorsitzende betonte, daß die Einheit des Reiches unter allen Umständen gewahrt werden müsse und daß die Nationalversammlung so bald als möglich einzuberufen sei. Die Truppen kehren in geordneten Verbänden in die Heimat zurück und werden von der Bevölkerung mit Freude empfangen.

Vom Tabak- und Zigarrenmarkt.

Die Versammlung beschloß nach längerer Aussprache über die Lage und die Forderungen der Arbeiter- und Soldatenräte eine Entschließung, in der die Regierung ersucht wird, die Ordnung im Lande aufrecht zu erhalten und die Ernährung des Volkes sicherzustellen. Der Vorsitzende betonte, daß die Einheit des Reiches unter allen Umständen gewahrt werden müsse und daß die Nationalversammlung so bald als möglich einzuberufen sei. Die Truppen kehren in geordneten Verbänden in die Heimat zurück und werden von der Bevölkerung mit Freude empfangen.

Die Versammlung beschloß nach längerer Aussprache über die Lage und die Forderungen der Arbeiter- und Soldatenräte eine Entschließung, in der die Regierung ersucht wird, die Ordnung im Lande aufrecht zu erhalten und die Ernährung des Volkes sicherzustellen. Der Vorsitzende betonte, daß die Einheit des Reiches unter allen Umständen gewahrt werden müsse und daß die Nationalversammlung so bald als möglich einzuberufen sei. Die Truppen kehren in geordneten Verbänden in die Heimat zurück und werden von der Bevölkerung mit Freude empfangen.

Hopfen als Ausfuhrgut.

Die Versammlung beschloß nach längerer Aussprache über die Lage und die Forderungen der Arbeiter- und Soldatenräte eine Entschließung, in der die Regierung ersucht wird, die Ordnung im Lande aufrecht zu erhalten und die Ernährung des Volkes sicherzustellen. Der Vorsitzende betonte, daß die Einheit des Reiches unter allen Umständen gewahrt werden müsse und daß die Nationalversammlung so bald als möglich einzuberufen sei. Die Truppen kehren in geordneten Verbänden in die Heimat zurück und werden von der Bevölkerung mit Freude empfangen.

Die Versammlung beschloß nach längerer Aussprache über die Lage und die Forderungen der Arbeiter- und Soldatenräte eine Entschließung, in der die Regierung ersucht wird, die Ordnung im Lande aufrecht zu erhalten und die Ernährung des Volkes sicherzustellen. Der Vorsitzende betonte, daß die Einheit des Reiches unter allen Umständen gewahrt werden müsse und daß die Nationalversammlung so bald als möglich einzuberufen sei. Die Truppen kehren in geordneten Verbänden in die Heimat zurück und werden von der Bevölkerung mit Freude empfangen.

Drahtmeldungen.

Die Versammlung beschloß nach längerer Aussprache über die Lage und die Forderungen der Arbeiter- und Soldatenräte eine Entschließung, in der die Regierung ersucht wird, die Ordnung im Lande aufrecht zu erhalten und die Ernährung des Volkes sicherzustellen. Der Vorsitzende betonte, daß die Einheit des Reiches unter allen Umständen gewahrt werden müsse und daß die Nationalversammlung so bald als möglich einzuberufen sei. Die Truppen kehren in geordneten Verbänden in die Heimat zurück und werden von der Bevölkerung mit Freude empfangen.

Die Versammlung beschloß nach längerer Aussprache über die Lage und die Forderungen der Arbeiter- und Soldatenräte eine Entschließung, in der die Regierung ersucht wird, die Ordnung im Lande aufrecht zu erhalten und die Ernährung des Volkes sicherzustellen. Der Vorsitzende betonte, daß die Einheit des Reiches unter allen Umständen gewahrt werden müsse und daß die Nationalversammlung so bald als möglich einzuberufen sei. Die Truppen kehren in geordneten Verbänden in die Heimat zurück und werden von der Bevölkerung mit Freude empfangen.

Die Versammlung beschloß nach längerer Aussprache über die Lage und die Forderungen der Arbeiter- und Soldatenräte eine Entschließung, in der die Regierung ersucht wird, die Ordnung im Lande aufrecht zu erhalten und die Ernährung des Volkes sicherzustellen. Der Vorsitzende betonte, daß die Einheit des Reiches unter allen Umständen gewahrt werden müsse und daß die Nationalversammlung so bald als möglich einzuberufen sei. Die Truppen kehren in geordneten Verbänden in die Heimat zurück und werden von der Bevölkerung mit Freude empfangen.

Wetterberichte v. 29. Nov. (vom Physik. Verein Frankfurt)

Die Versammlung beschloß nach längerer Aussprache über die Lage und die Forderungen der Arbeiter- und Soldatenräte eine Entschließung, in der die Regierung ersucht wird, die Ordnung im Lande aufrecht zu erhalten und die Ernährung des Volkes sicherzustellen. Der Vorsitzende betonte, daß die Einheit des Reiches unter allen Umständen gewahrt werden müsse und daß die Nationalversammlung so bald als möglich einzuberufen sei. Die Truppen kehren in geordneten Verbänden in die Heimat zurück und werden von der Bevölkerung mit Freude empfangen.

Wasserstand
